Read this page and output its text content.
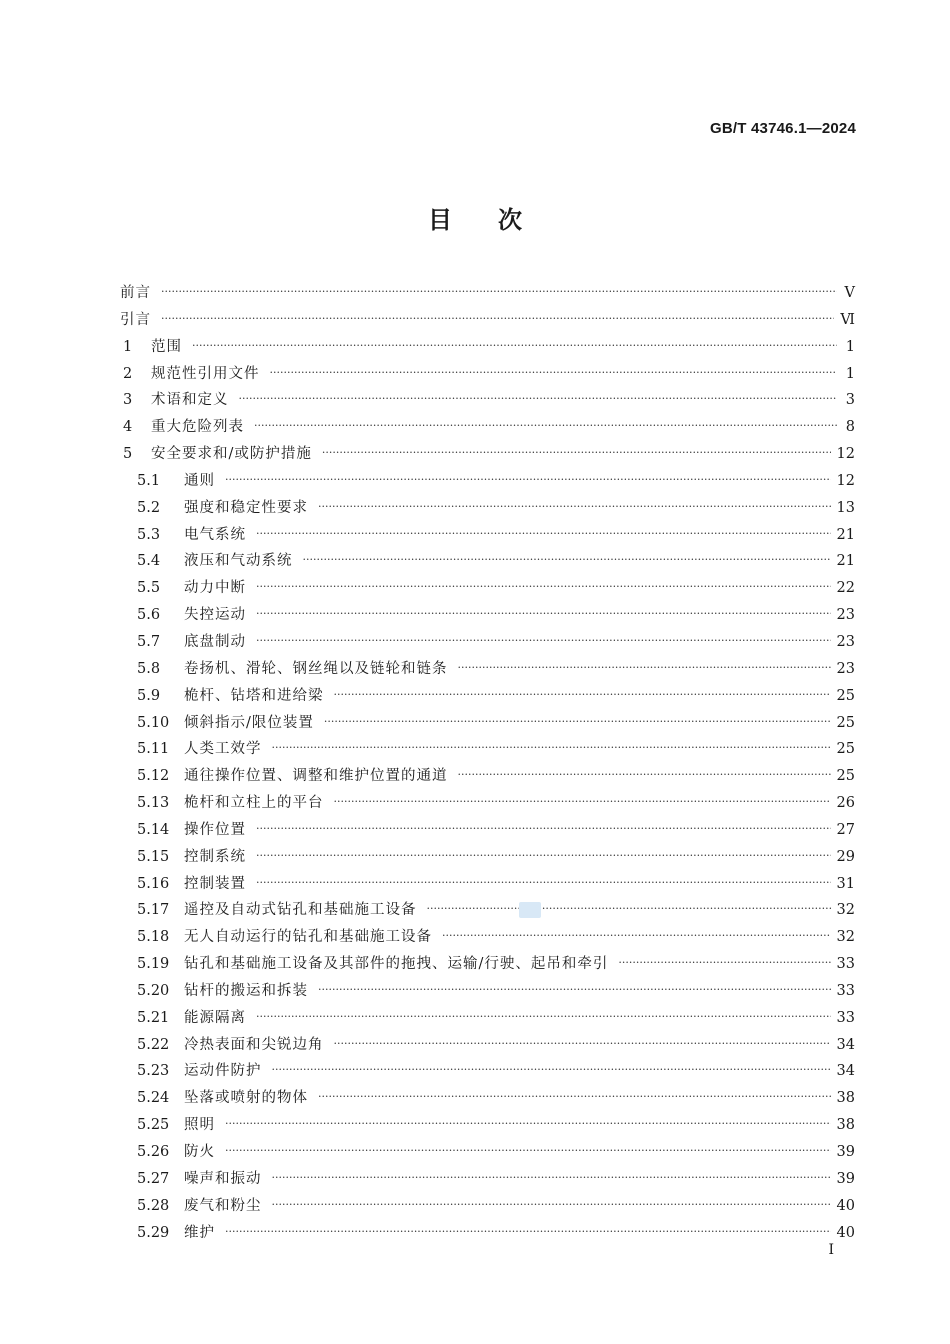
GB/T 43746.1—2024
目 次
前言 ·····	Ⅴ
引言 ·····	Ⅵ
1	范围 ·····	1
2	规范性引用文件 ·····	1
3	术语和定义 ·····	3
4	重大危险列表 ·····	8
5	安全要求和/或防护措施 ·····	12
5.1	通则 ·····	12
5.2	强度和稳定性要求 ·····	13
5.3	电气系统 ·····	21
5.4	液压和气动系统 ·····	21
5.5	动力中断 ·····	22
5.6	失控运动 ·····	23
5.7	底盘制动 ·····	23
5.8	卷扬机、滑轮、钢丝绳以及链轮和链条 ·····	23
5.9	桅杆、钻塔和进给梁 ·····	25
5.10	倾斜指示/限位装置 ·····	25
5.11	人类工效学 ·····	25
5.12	通往操作位置、调整和维护位置的通道 ·····	25
5.13	桅杆和立柱上的平台 ·····	26
5.14	操作位置 ·····	27
5.15	控制系统 ·····	29
5.16	控制装置 ·····	31
5.17	遥控及自动式钻孔和基础施工设备 ·····	32
5.18	无人自动运行的钻孔和基础施工设备 ·····	32
5.19	钻孔和基础施工设备及其部件的拖拽、运输/行驶、起吊和牵引 ·····	33
5.20	钻杆的搬运和拆装 ·····	33
5.21	能源隔离 ·····	33
5.22	冷热表面和尖锐边角 ·····	34
5.23	运动件防护 ·····	34
5.24	坠落或喷射的物体 ·····	38
5.25	照明 ·····	38
5.26	防火 ·····	39
5.27	噪声和振动 ·····	39
5.28	废气和粉尘 ·····	40
5.29	维护 ·····	40
Ⅰ
